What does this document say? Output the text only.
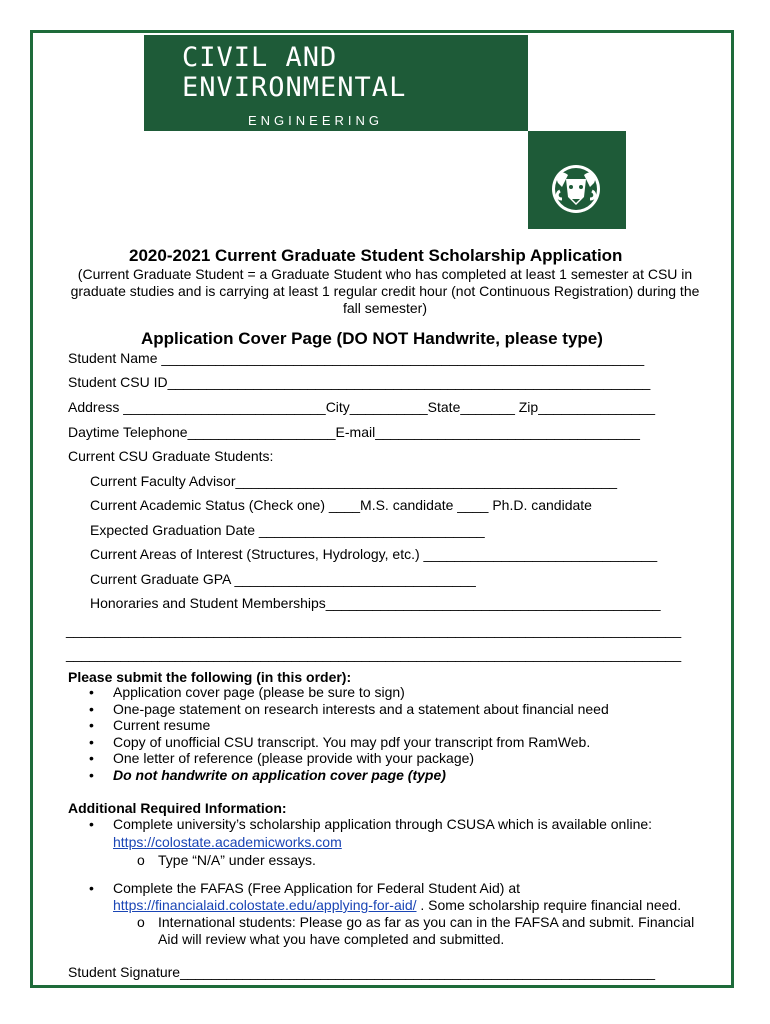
CIVIL AND
ENVIRONMENTAL
ENGINEERING
2020-2021 Current Graduate Student Scholarship Application
(Current Graduate Student = a Graduate Student who has completed at least 1 semester at CSU in graduate studies and is carrying at least 1 regular credit hour (not Continuous Registration) during the fall semester)
Application Cover Page (DO NOT Handwrite, please type)
Student Name ______________________________________________________________
Student CSU ID______________________________________________________________
Address __________________________City__________State_______ Zip_______________
Daytime Telephone___________________E-mail__________________________________
Current CSU Graduate Students:
Current Faculty Advisor_________________________________________________
Current Academic Status (Check one) ____M.S. candidate ____ Ph.D. candidate
Expected Graduation Date _____________________________
Current Areas of Interest (Structures, Hydrology, etc.) ______________________________
Current Graduate GPA _______________________________
Honoraries and Student Memberships___________________________________________
_______________________________________________________________________________
_______________________________________________________________________________
Please submit the following (in this order):
• Application cover page (please be sure to sign)
• One-page statement on research interests and a statement about financial need
• Current resume
• Copy of unofficial CSU transcript. You may pdf your transcript from RamWeb.
• One letter of reference (please provide with your package)
• Do not handwrite on application cover page (type)
Additional Required Information:
• Complete university’s scholarship application through CSUSA which is available online:
https://colostate.academicworks.com
o Type “N/A” under essays.
• Complete the FAFAS (Free Application for Federal Student Aid) at
https://financialaid.colostate.edu/applying-for-aid/ . Some scholarship require financial need.
o International students: Please go as far as you can in the FAFSA and submit. Financial
Aid will review what you have completed and submitted.
Student Signature_____________________________________________________________
